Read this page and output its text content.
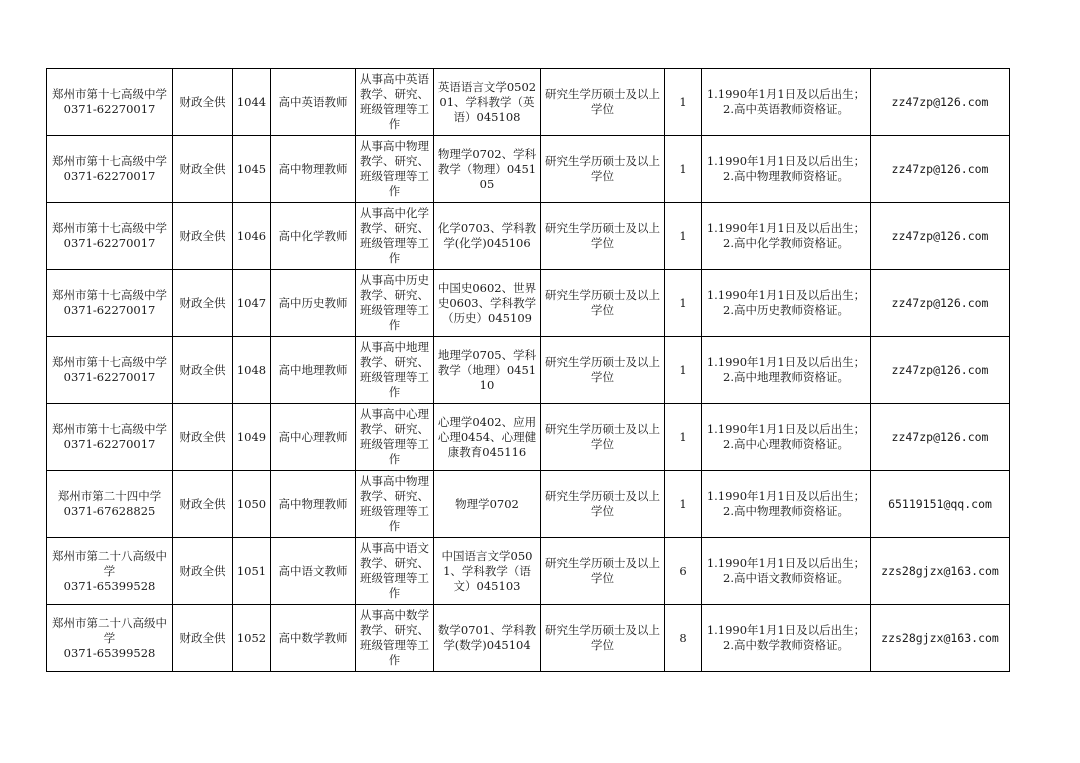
郑州市第十七高级中学
0371-62270017	财政全供	1044	高中英语教师	从事高中英语教学、研究、班级管理等工作	英语语言文学050201、学科教学（英语）045108	研究生学历硕士及以上学位	1	1.1990年1月1日及以后出生；
2.高中英语教师资格证。	zz47zp@126.com

郑州市第十七高级中学
0371-62270017	财政全供	1045	高中物理教师	从事高中物理教学、研究、班级管理等工作	物理学0702、学科教学（物理）045105	研究生学历硕士及以上学位	1	1.1990年1月1日及以后出生；
2.高中物理教师资格证。	zz47zp@126.com

郑州市第十七高级中学
0371-62270017	财政全供	1046	高中化学教师	从事高中化学教学、研究、班级管理等工作	化学0703、学科教学(化学)045106	研究生学历硕士及以上学位	1	1.1990年1月1日及以后出生；
2.高中化学教师资格证。	zz47zp@126.com

郑州市第十七高级中学
0371-62270017	财政全供	1047	高中历史教师	从事高中历史教学、研究、班级管理等工作	中国史0602、世界史0603、学科教学（历史）045109	研究生学历硕士及以上学位	1	1.1990年1月1日及以后出生；
2.高中历史教师资格证。	zz47zp@126.com

郑州市第十七高级中学
0371-62270017	财政全供	1048	高中地理教师	从事高中地理教学、研究、班级管理等工作	地理学0705、学科教学（地理）045110	研究生学历硕士及以上学位	1	1.1990年1月1日及以后出生；
2.高中地理教师资格证。	zz47zp@126.com

郑州市第十七高级中学
0371-62270017	财政全供	1049	高中心理教师	从事高中心理教学、研究、班级管理等工作	心理学0402、应用心理0454、心理健康教育045116	研究生学历硕士及以上学位	1	1.1990年1月1日及以后出生；
2.高中心理教师资格证。	zz47zp@126.com

郑州市第二十四中学
0371-67628825	财政全供	1050	高中物理教师	从事高中物理教学、研究、班级管理等工作	物理学0702	研究生学历硕士及以上学位	1	1.1990年1月1日及以后出生；
2.高中物理教师资格证。	65119151@qq.com

郑州市第二十八高级中学
0371-65399528	财政全供	1051	高中语文教师	从事高中语文教学、研究、班级管理等工作	中国语言文学0501、学科教学（语文）045103	研究生学历硕士及以上学位	6	1.1990年1月1日及以后出生；
2.高中语文教师资格证。	zzs28gjzx@163.com

郑州市第二十八高级中学
0371-65399528	财政全供	1052	高中数学教师	从事高中数学教学、研究、班级管理等工作	数学0701、学科教学(数学)045104	研究生学历硕士及以上学位	8	1.1990年1月1日及以后出生；
2.高中数学教师资格证。	zzs28gjzx@163.com
